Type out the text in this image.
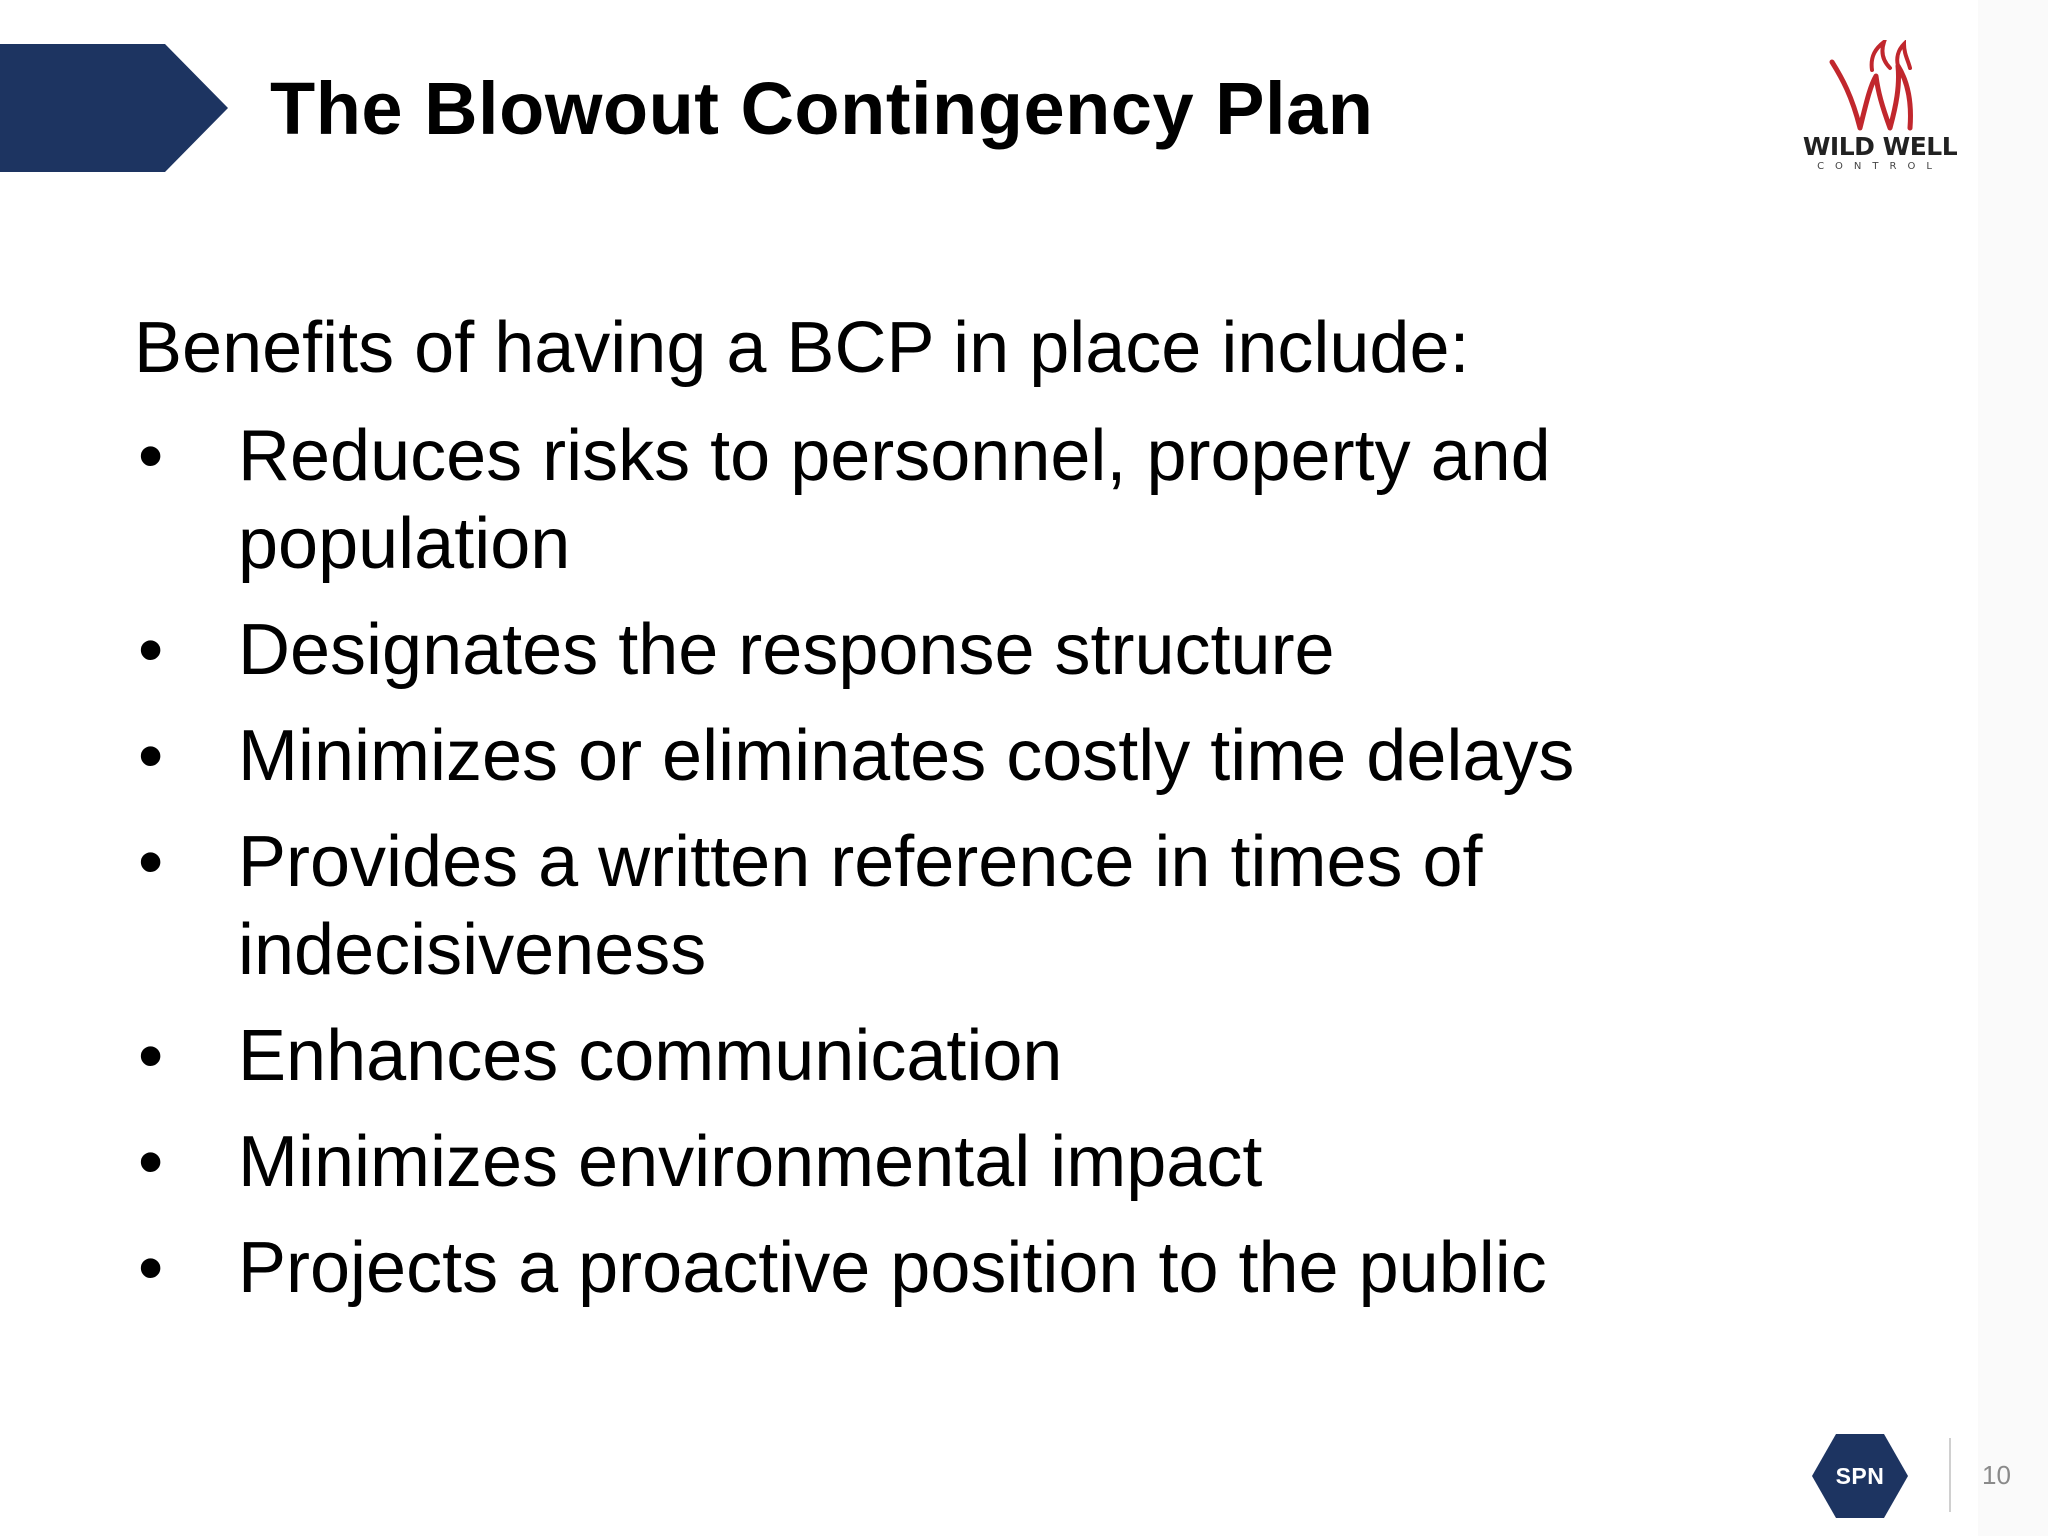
The Blowout Contingency Plan	WILD WELL
CONTROL
Benefits of having a BCP in place include:
• Reduces risks to personnel, property and population
• Designates the response structure
• Minimizes or eliminates costly time delays
• Provides a written reference in times of indecisiveness
• Enhances communication
• Minimizes environmental impact
• Projects a proactive position to the public
SPN	10
